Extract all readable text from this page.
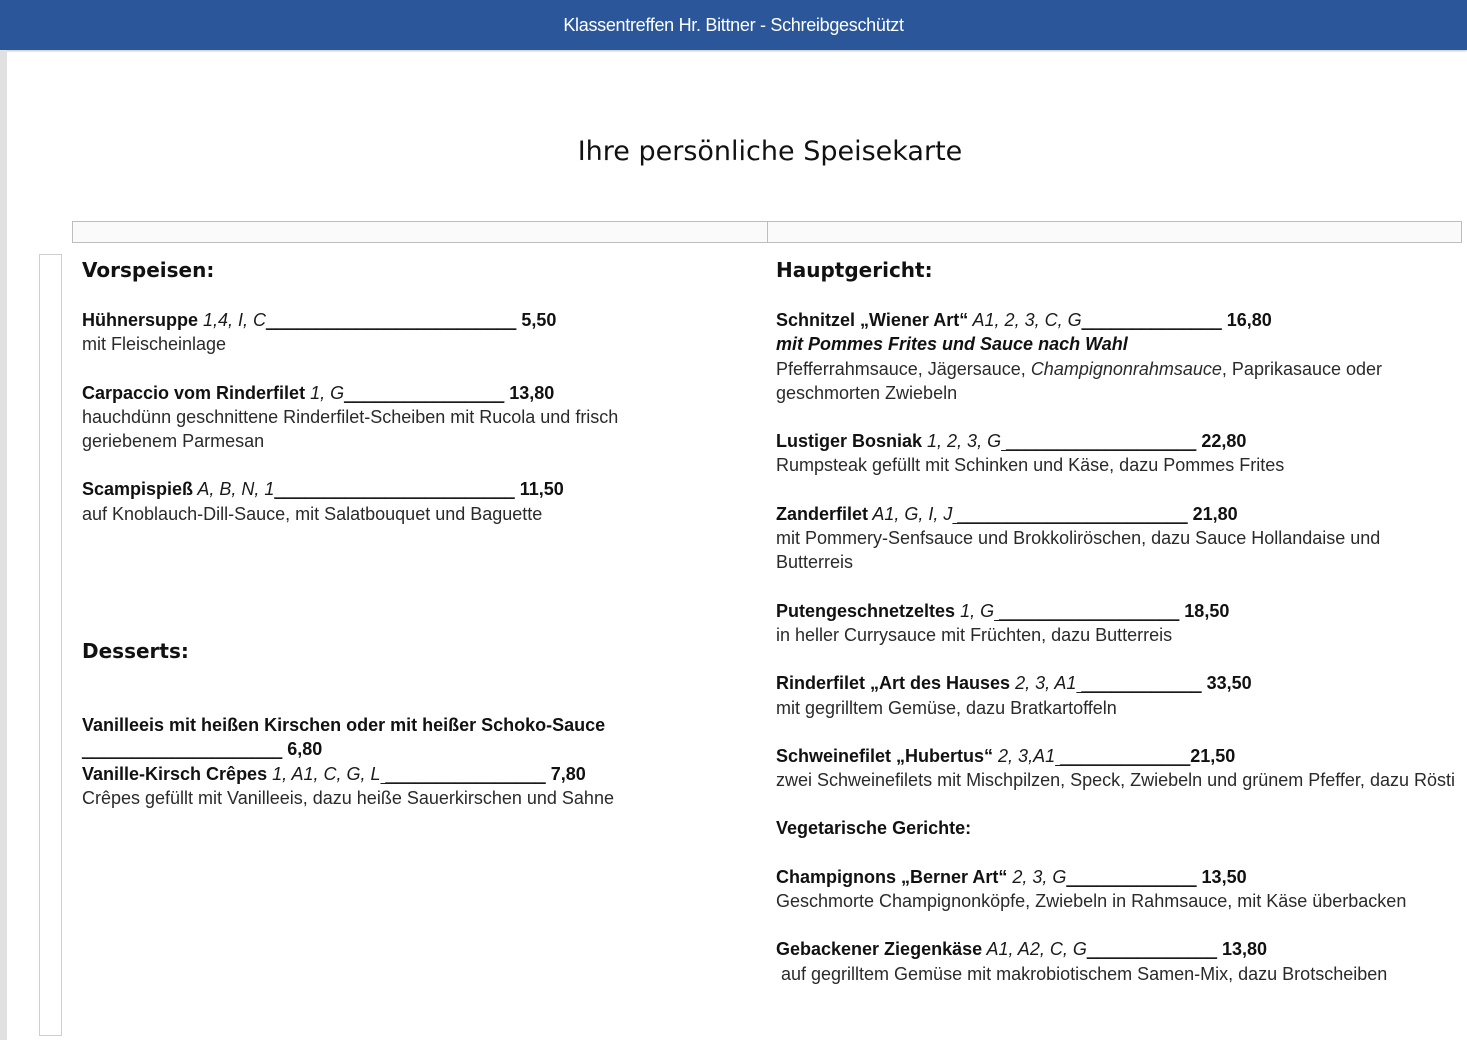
Klassentreffen Hr. Bittner - Schreibgeschützt
Ihre persönliche Speisekarte
Vorspeisen:
Hühnersuppe 1,4, I, C_________________________ 5,50
mit Fleischeinlage
Carpaccio vom Rinderfilet 1, G________________ 13,80
hauchdünn geschnittene Rinderfilet-Scheiben mit Rucola und frisch geriebenem Parmesan
Scampispieß A, B, N, 1________________________ 11,50
auf Knoblauch-Dill-Sauce, mit Salatbouquet und Baguette
Desserts:
Vanilleeis mit heißen Kirschen oder mit heißer Schoko-Sauce
____________________ 6,80
Vanille-Kirsch Crêpes 1, A1, C, G, L ________________ 7,80
Crêpes gefüllt mit Vanilleeis, dazu heiße Sauerkirschen und Sahne
Hauptgericht:
Schnitzel „Wiener Art“ A1, 2, 3, C, G______________ 16,80
mit Pommes Frites und Sauce nach Wahl
Pfefferrahmsauce, Jägersauce, Champignonrahmsauce, Paprikasauce oder geschmorten Zwiebeln
Lustiger Bosniak 1, 2, 3, G ___________________ 22,80
Rumpsteak gefüllt mit Schinken und Käse, dazu Pommes Frites
Zanderfilet A1, G, I, J _______________________ 21,80
mit Pommery-Senfsauce und Brokkoliröschen, dazu Sauce Hollandaise und Butterreis
Putengeschnetzeltes 1, G __________________ 18,50
in heller Currysauce mit Früchten, dazu Butterreis
Rinderfilet „Art des Hauses 2, 3, A1 ____________ 33,50
mit gegrilltem Gemüse, dazu Bratkartoffeln
Schweinefilet „Hubertus“ 2, 3,A1 _____________21,50
zwei Schweinefilets mit Mischpilzen, Speck, Zwiebeln und grünem Pfeffer, dazu Rösti
Vegetarische Gerichte:
Champignons „Berner Art“ 2, 3, G_____________ 13,50
Geschmorte Champignonköpfe, Zwiebeln in Rahmsauce, mit Käse überbacken
Gebackener Ziegenkäse A1, A2, C, G_____________ 13,80
auf gegrilltem Gemüse mit makrobiotischem Samen-Mix, dazu Brotscheiben
